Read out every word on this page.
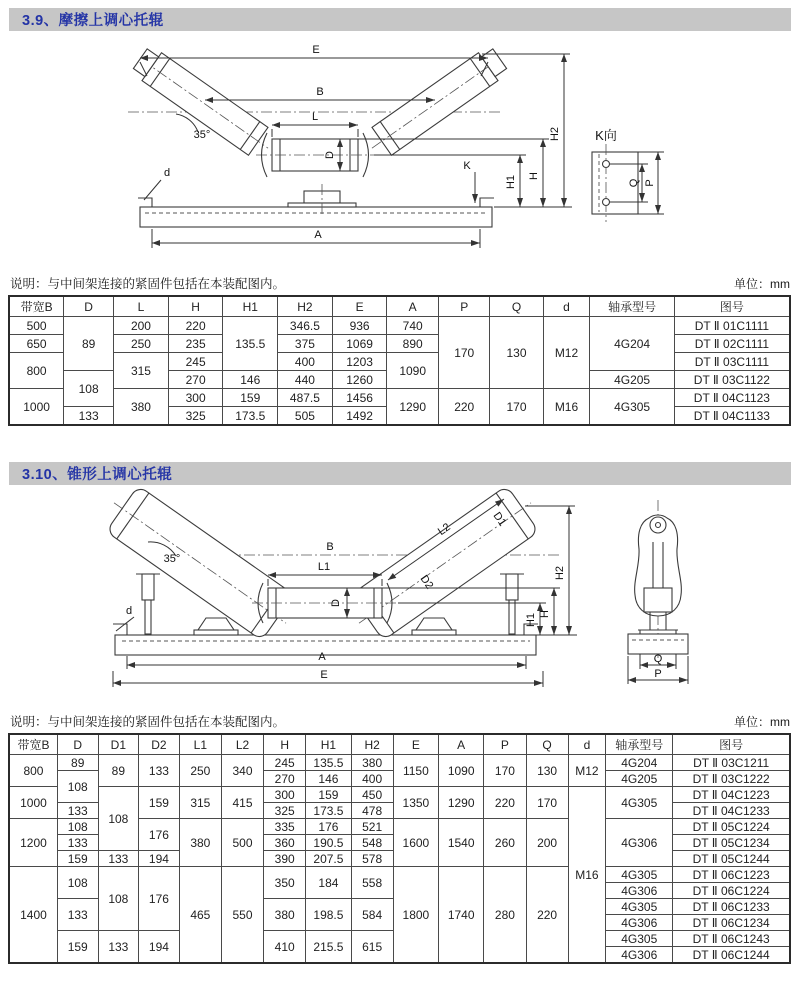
3.9、摩擦上调心托辊
E
B
L
D
35°
K
d
A
H1 H
H2	K向
Q P
说明：与中间架连接的紧固件包括在本装配图内。	单位：mm
带宽B	D	L	H	H1	H2	E	A	P	Q	d	轴承型号	图号
500	89	200	220	135.5	346.5	936	740	170	130	M12	4G204	DT Ⅱ 01C1111
650		250	235		375	1069	890					DT Ⅱ 02C1111
800		315	245		400	1203	1090					DT Ⅱ 03C1111
	108		270	146	440	1260					4G205	DT Ⅱ 03C1122
1000		380	300	159	487.5	1456	1290	220	170	M16	4G305	DT Ⅱ 04C1123
	133		325	173.5	505	1492						DT Ⅱ 04C1133
3.10、锥形上调心托辊
B
L1
D
35°
L2
D1
D2
d
A
E
H1 H
H2
Q
P
说明：与中间架连接的紧固件包括在本装配图内。	单位：mm
带宽B	D	D1	D2	L1	L2	H	H1	H2	E	A	P	Q	d	轴承型号	图号
800	89	89	133	250	340	245	135.5	380	1150	1090	170	130	M12	4G204	DT Ⅱ 03C1211
	108					270	146	400						4G205	DT Ⅱ 03C1222
1000		108	159	315	415	300	159	450	1350	1290	220	170	M16	4G305	DT Ⅱ 04C1223
	133					325	173.5	478							DT Ⅱ 04C1233
1200	108		176	380	500	335	176	521	1600	1540	260	200		4G306	DT Ⅱ 05C1224
	133					360	190.5	548							DT Ⅱ 05C1234
	159	133	194			390	207.5	578							DT Ⅱ 05C1244
1400	108	108	176	465	550	350	184	558	1800	1740	280	220		4G305	DT Ⅱ 06C1223
														4G306	DT Ⅱ 06C1224
	133					380	198.5	584						4G305	DT Ⅱ 06C1233
														4G306	DT Ⅱ 06C1234
	159	133	194			410	215.5	615						4G305	DT Ⅱ 06C1243
														4G306	DT Ⅱ 06C1244
